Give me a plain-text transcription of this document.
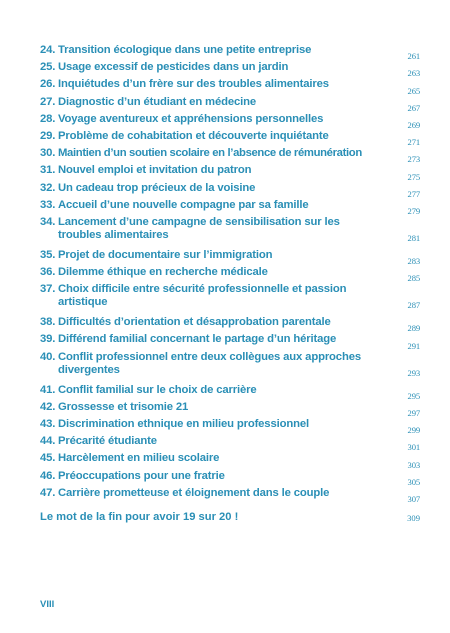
24. Transition écologique dans une petite entreprise
261
25. Usage excessif de pesticides dans un jardin
263
26. Inquiétudes d’un frère sur des troubles alimentaires
265
27. Diagnostic d’un étudiant en médecine
267
28. Voyage aventureux et appréhensions personnelles
269
29. Problème de cohabitation et découverte inquiétante
271
30. Maintien d’un soutien scolaire en l’absence de rémunération
273
31. Nouvel emploi et invitation du patron
275
32. Un cadeau trop précieux de la voisine
277
33. Accueil d’une nouvelle compagne par sa famille
279
34. Lancement d’une campagne de sensibilisation sur les troubles alimentaires	281
35. Projet de documentaire sur l’immigration
283
36. Dilemme éthique en recherche médicale
285
37. Choix difficile entre sécurité professionnelle et passion artistique	287
38. Difficultés d’orientation et désapprobation parentale
289
39. Différend familial concernant le partage d’un héritage
291
40. Conflit professionnel entre deux collègues aux approches divergentes	293
41. Conflit familial sur le choix de carrière
295
42. Grossesse et trisomie 21
297
43. Discrimination ethnique en milieu professionnel
299
44. Précarité étudiante
301
45. Harcèlement en milieu scolaire
303
46. Préoccupations pour une fratrie
305
47. Carrière prometteuse et éloignement dans le couple
307
Le mot de la fin pour avoir 19 sur 20 !	309
VIII
